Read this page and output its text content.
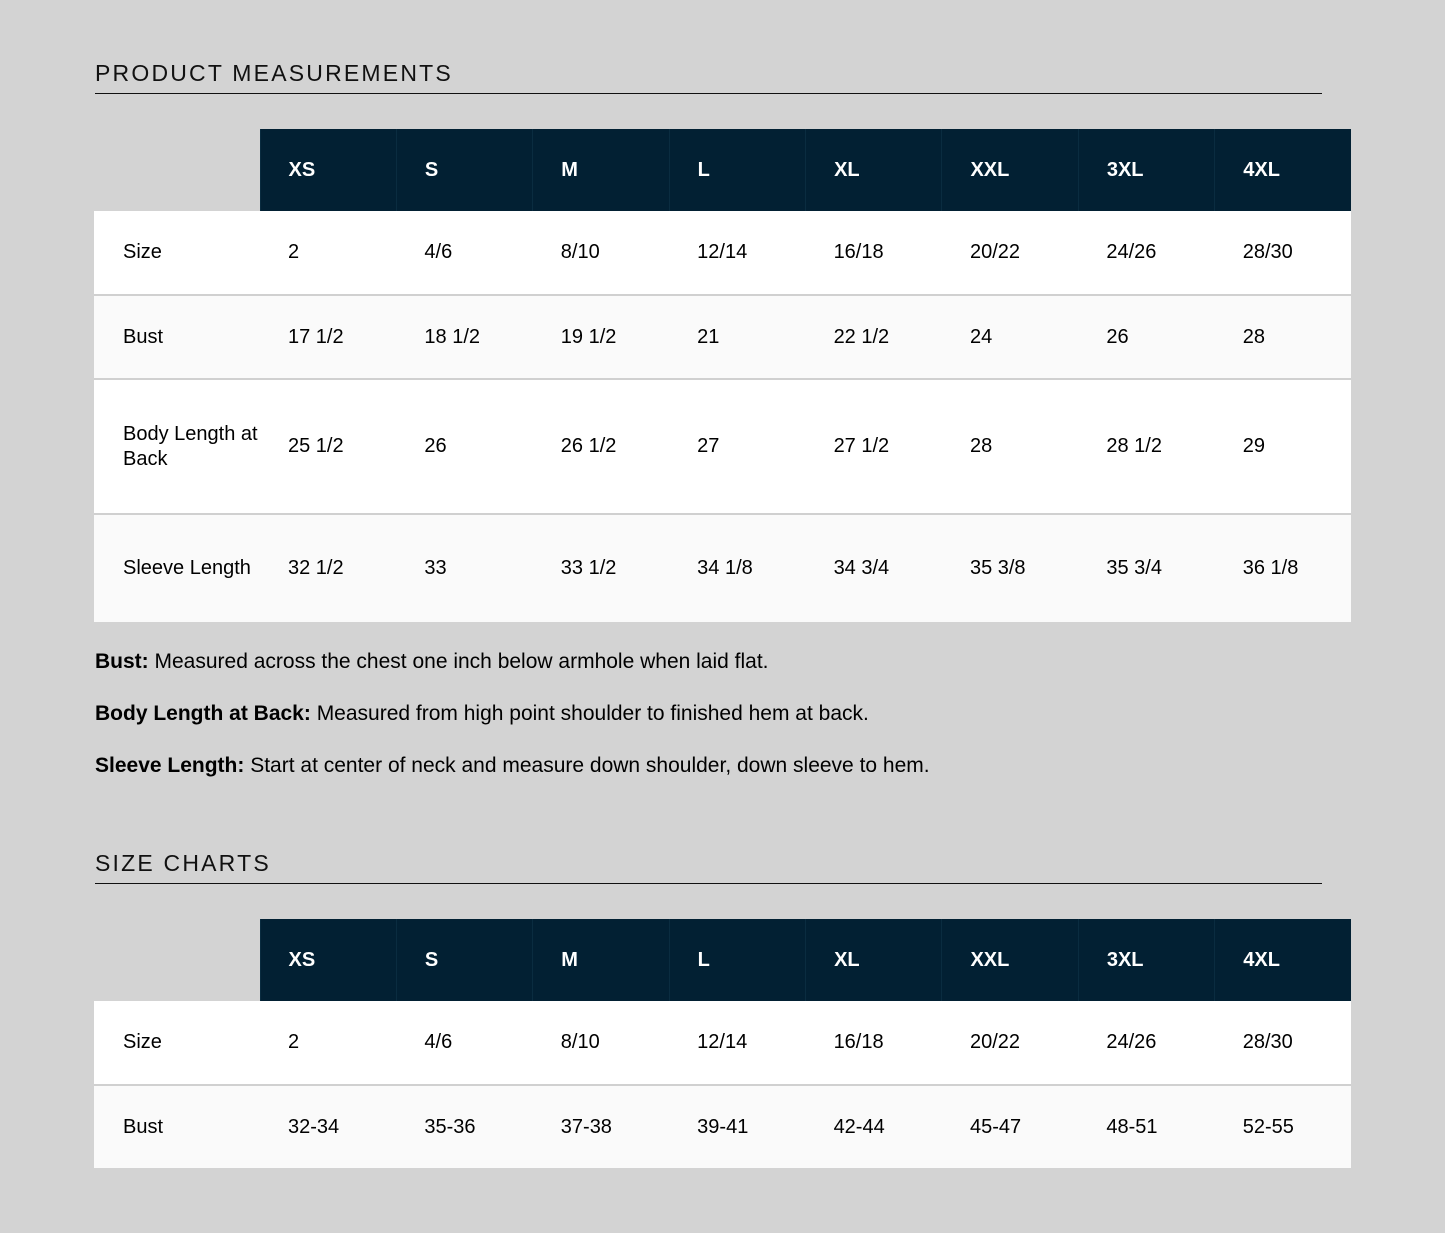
PRODUCT MEASUREMENTS
	XS	S	M	L	XL	XXL	3XL	4XL
Size	2	4/6	8/10	12/14	16/18	20/22	24/26	28/30
Bust	17 1/2	18 1/2	19 1/2	21	22 1/2	24	26	28
Body Length at Back	25 1/2	26	26 1/2	27	27 1/2	28	28 1/2	29
Sleeve Length	32 1/2	33	33 1/2	34 1/8	34 3/4	35 3/8	35 3/4	36 1/8

Bust: Measured across the chest one inch below armhole when laid flat.

Body Length at Back: Measured from high point shoulder to finished hem at back.

Sleeve Length: Start at center of neck and measure down shoulder, down sleeve to hem.

SIZE CHARTS
	XS	S	M	L	XL	XXL	3XL	4XL
Size	2	4/6	8/10	12/14	16/18	20/22	24/26	28/30
Bust	32-34	35-36	37-38	39-41	42-44	45-47	48-51	52-55
